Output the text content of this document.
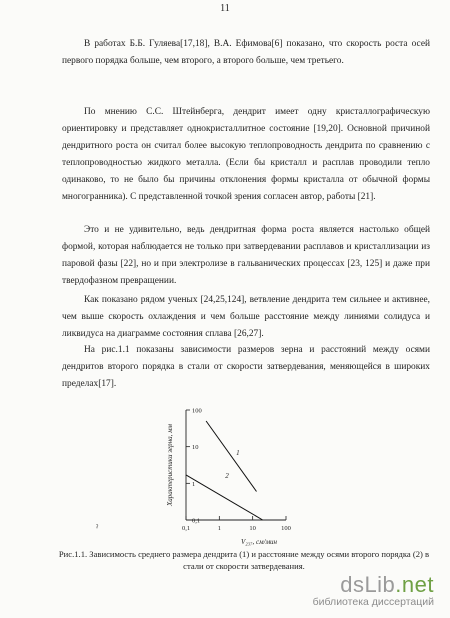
11

В работах Б.Б. Гуляева[17,18], В.А. Ефимова[6] показано, что скорость роста осей первого порядка больше, чем второго, а второго больше, чем третьего.

По мнению С.С. Штейнберга, дендрит имеет одну кристаллографическую ориентировку и представляет однокристаллитное состояние [19,20]. Основной причиной дендритного роста он считал более высокую теплопроводность дендрита по сравнению с теплопроводностью жидкого металла. (Если бы кристалл и расплав проводили тепло одинаково, то не было бы причины отклонения формы кристалла от обычной формы многогранника). С представленной точкой зрения согласен автор, работы [21].

Это и не удивительно, ведь дендритная форма роста является настолько общей формой, которая наблюдается не только при затвердевании расплавов и кристаллизации из паровой фазы [22], но и при электролизе в гальванических процессах [23, 125] и даже при твердофазном превращении.

Как показано рядом ученых [24,25,124], ветвление дендрита тем сильнее и активнее, чем выше скорость охлаждения и чем больше расстояние между линиями солидуса и ликвидуса на диаграмме состояния сплава [26,27].

На рис.1.1 показаны зависимости размеров зерна и расстояний между осями дендритов второго порядка в стали от скорости затвердевания, меняющейся в широких пределах[17].

100
10
1
0,1
0,1	1	10	100
1
2
Характеристики зерна, мм
V₂₃₇, см/мин
ˀ
Рис.1.1. Зависимость среднего размера дендрита (1) и расстояние между осями второго порядка (2) в стали от скорости затвердевания.
dsLib.net
библиотека диссертаций
